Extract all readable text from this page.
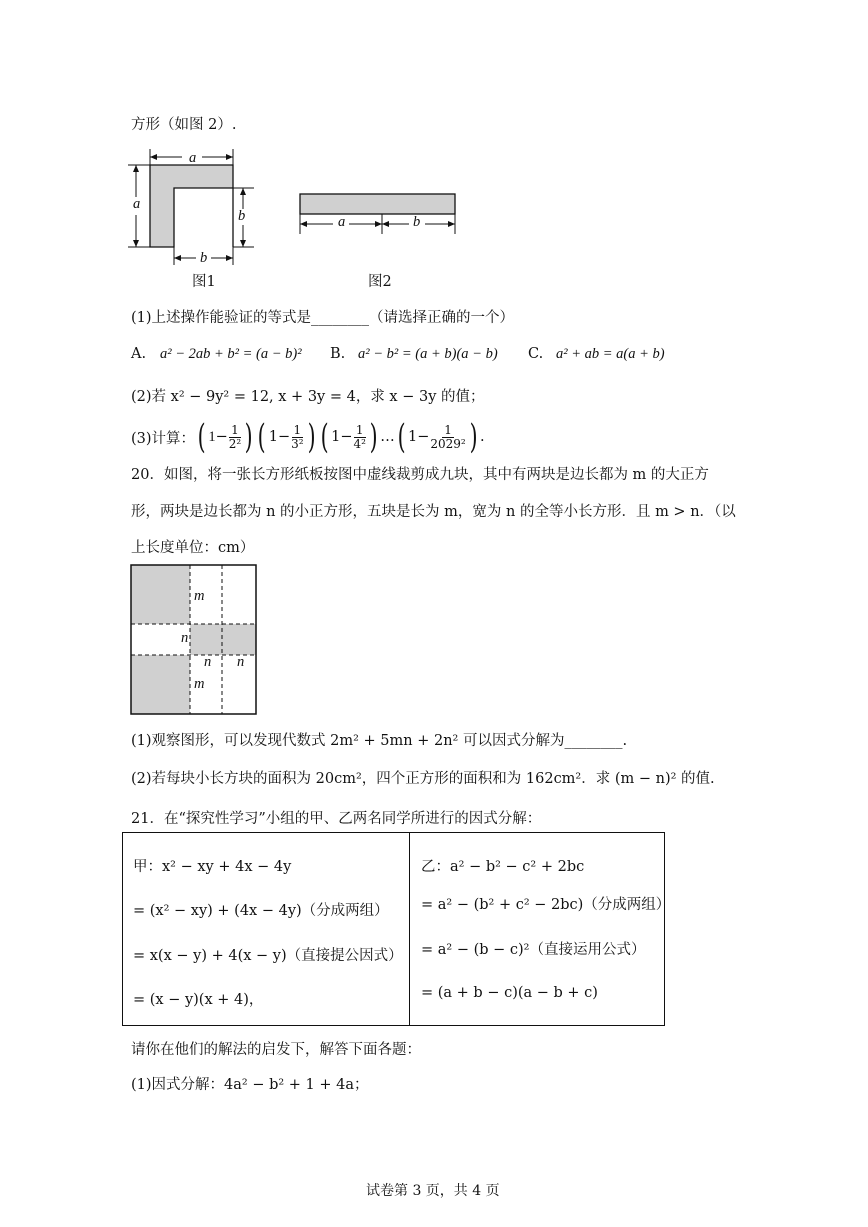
方形（如图 2）.
a
a
b
b
图1
a	b
图2
(1)上述操作能验证的等式是________（请选择正确的一个）
A. a² − 2ab + b² = (a − b)² B. a² − b² = (a + b)(a − b) C. a² + ab = a(a + b)
(2)若 x² − 9y² = 12, x + 3y = 4，求 x − 3y 的值；
(3)计算： ( $1 - \frac{1}{\text{2²}}$ ) ( $1 - \frac{1}{\text{3²}}$ ) ( $1 - \frac{1}{\text{4²}}$ ) … ( $1 - \frac{1}{\text{2029²}}$ ) .
20．如图，将一张长方形纸板按图中虚线裁剪成九块，其中有两块是边长都为 m 的大正方
形，两块是边长都为 n 的小正方形，五块是长为 m，宽为 n 的全等小长方形．且 m > n．（以
上长度单位：cm）
m
n
n n
m
(1)观察图形，可以发现代数式 2m² + 5mn + 2n² 可以因式分解为________.
(2)若每块小长方块的面积为 20cm²，四个正方形的面积和为 162cm²．求 (m − n)² 的值.
21．在“探究性学习”小组的甲、乙两名同学所进行的因式分解：
甲：x² − xy + 4x − 4y
= (x² − xy) + (4x − 4y)（分成两组）
= x(x − y) + 4(x − y)（直接提公因式）
= (x − y)(x + 4)，
乙：a² − b² − c² + 2bc
= a² − (b² + c² − 2bc)（分成两组）
= a² − (b − c)²（直接运用公式）
= (a + b − c)(a − b + c)
请你在他们的解法的启发下，解答下面各题：
(1)因式分解：4a² − b² + 1 + 4a；
试卷第 3 页，共 4 页
